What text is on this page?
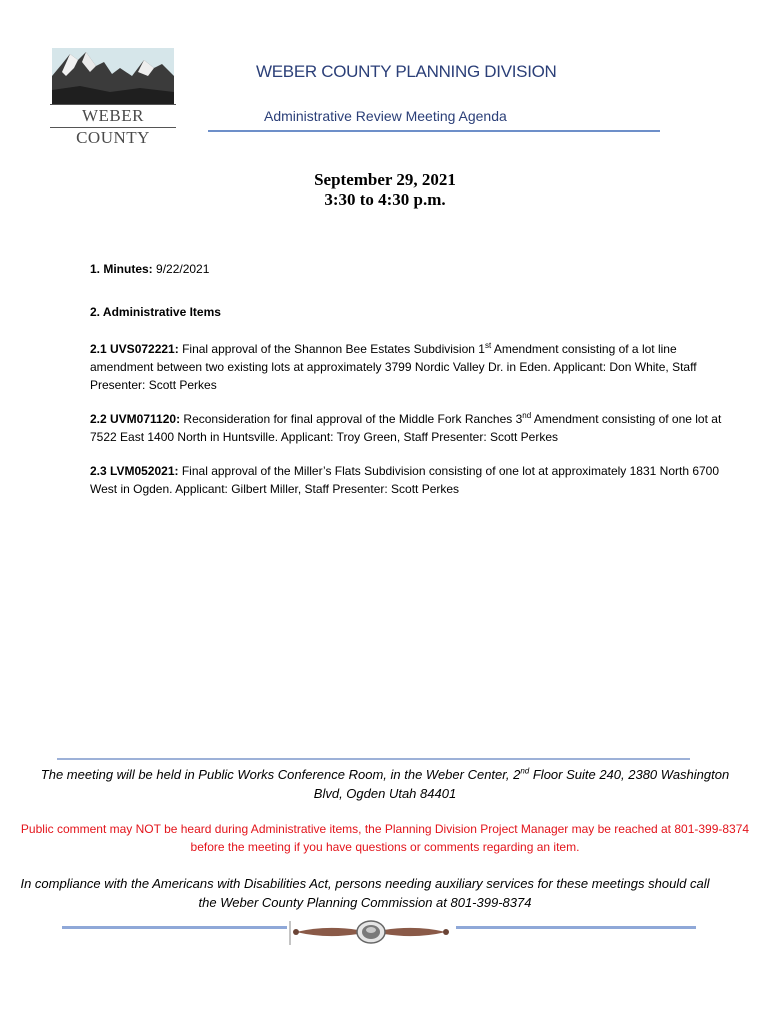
WEBER COUNTY
WEBER COUNTY PLANNING DIVISION
Administrative Review Meeting Agenda
September 29, 2021
3:30 to 4:30 p.m.
1. Minutes: 9/22/2021
2. Administrative Items
2.1 UVS072221: Final approval of the Shannon Bee Estates Subdivision 1st Amendment consisting of a lot line amendment between two existing lots at approximately 3799 Nordic Valley Dr. in Eden. Applicant: Don White, Staff Presenter: Scott Perkes
2.2 UVM071120: Reconsideration for final approval of the Middle Fork Ranches 3nd Amendment consisting of one lot at 7522 East 1400 North in Huntsville. Applicant: Troy Green, Staff Presenter: Scott Perkes
2.3 LVM052021: Final approval of the Miller’s Flats Subdivision consisting of one lot at approximately 1831 North 6700 West in Ogden. Applicant: Gilbert Miller, Staff Presenter: Scott Perkes
The meeting will be held in Public Works Conference Room, in the Weber Center, 2nd Floor Suite 240, 2380 Washington Blvd, Ogden Utah 84401
Public comment may NOT be heard during Administrative items, the Planning Division Project Manager may be reached at 801-399-8374 before the meeting if you have questions or comments regarding an item.
In compliance with the Americans with Disabilities Act, persons needing auxiliary services for these meetings should call the Weber County Planning Commission at 801-399-8374
